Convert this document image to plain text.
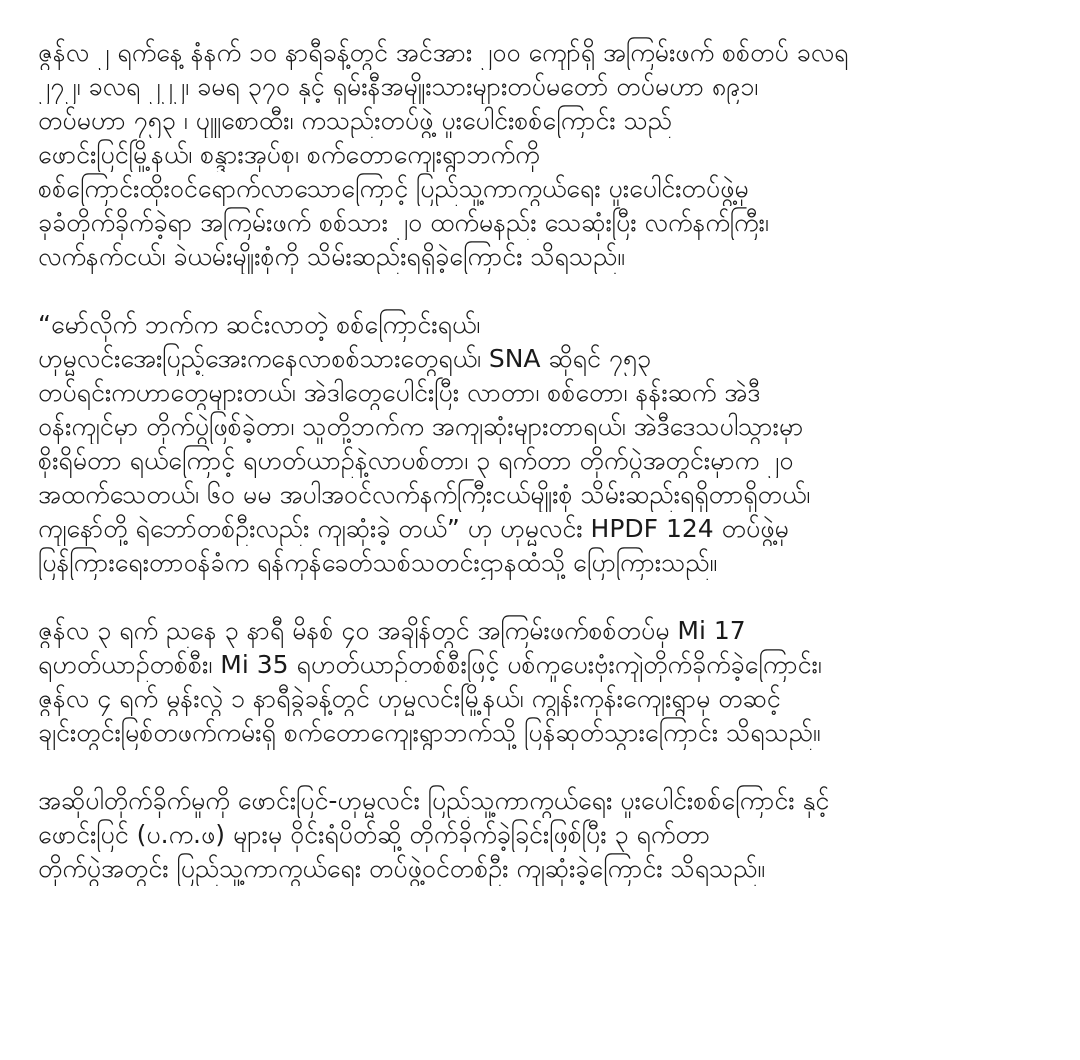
ဇွန်လ ၂ ရက်နေ့ နံနက် ၁၀ နာရီခန့်တွင် အင်အား ၂၀၀ ကျော်ရှိ အကြမ်းဖက် စစ်တပ် ခလရ
၂၇၂၊ ခလရ ၂၂၂၊ ခမရ ၃၇၀ နှင့် ရှမ်းနီအမျိုးသားများတပ်မတော် တပ်မဟာ ၈၉၁၊
တပ်မဟာ ၇၅၃ ၊ ပျူစောထီး၊ ကသည်းတပ်ဖွဲ့ ပူးပေါင်းစစ်ကြောင်း သည်
ဖောင်းပြင်မြို့နယ်၊ စန္ဒားအုပ်စု၊ စက်တောကျေးရွာဘက်ကို
စစ်ကြောင်းထိုးဝင်ရောက်လာသောကြောင့် ပြည်သူ့ကာကွယ်ရေး ပူးပေါင်းတပ်ဖွဲ့မှ
ခုခံတိုက်ခိုက်ခဲ့ရာ အကြမ်းဖက် စစ်သား ၂၀ ထက်မနည်း သေဆုံးပြီး လက်နက်ကြီး၊
လက်နက်ငယ်၊ ခဲယမ်းမျိုးစုံကို သိမ်းဆည်းရရှိခဲ့ကြောင်း သိရသည်။
“မော်လိုက် ဘက်က ဆင်းလာတဲ့ စစ်ကြောင်းရယ်၊
ဟုမ္မလင်းအေးပြည့်အေးကနေလာစစ်သားတွေရယ်၊ SNA ဆိုရင် ၇၅၃
တပ်ရင်းကဟာတွေများတယ်၊ အဲဒါတွေပေါင်းပြီး လာတာ၊ စစ်တော၊ နန်းဆက် အဲဒီ
ဝန်းကျင်မှာ တိုက်ပွဲဖြစ်ခဲ့တာ၊ သူတို့ဘက်က အကျဆုံးများတာရယ်၊ အဲဒီဒေသပါသွားမှာ
စိုးရိမ်တာ ရယ်ကြောင့် ရဟတ်ယာဉ်နဲ့လာပစ်တာ၊ ၃ ရက်တာ တိုက်ပွဲအတွင်းမှာက ၂၀
အထက်သေတယ်၊ ၆၀ မမ အပါအဝင်လက်နက်ကြီးငယ်မျိုးစုံ သိမ်းဆည်းရရှိတာရှိတယ်၊
ကျနော်တို့ ရဲဘော်တစ်ဦးလည်း ကျဆုံးခဲ့ တယ်” ဟု ဟုမ္မလင်း HPDF 124 တပ်ဖွဲ့မှ
ပြန်ကြားရေးတာဝန်ခံက ရန်ကုန်ခေတ်သစ်သတင်းဌာနထံသို့ ပြောကြားသည်။
ဇွန်လ ၃ ရက် ညနေ ၃ နာရီ မိနစ် ၄၀ အချိန်တွင် အကြမ်းဖက်စစ်တပ်မှ Mi 17
ရဟတ်ယာဉ်တစ်စီး၊ Mi 35 ရဟတ်ယာဉ်တစ်စီးဖြင့် ပစ်ကူပေးဗုံးကျဲတိုက်ခိုက်ခဲ့ကြောင်း၊
ဇွန်လ ၄ ရက် မွန်းလွဲ ၁ နာရီခွဲခန့်တွင် ဟုမ္မလင်းမြို့နယ်၊ ကျွန်းကုန်းကျေးရွာမှ တဆင့်
ချင်းတွင်းမြစ်တဖက်ကမ်းရှိ စက်တောကျေးရွာဘက်သို့ ပြန်ဆုတ်သွားကြောင်း သိရသည်။
အဆိုပါတိုက်ခိုက်မှုကို ဖောင်းပြင်-ဟုမ္မလင်း ပြည်သူ့ကာကွယ်ရေး ပူးပေါင်းစစ်ကြောင်း နှင့်
ဖောင်းပြင် (ပ.က.ဖ) များမှ ဝိုင်းရံပိတ်ဆို့ တိုက်ခိုက်ခဲ့ခြင်းဖြစ်ပြီး ၃ ရက်တာ
တိုက်ပွဲအတွင်း ပြည်သူ့ကာကွယ်ရေး တပ်ဖွဲ့ဝင်တစ်ဦး ကျဆုံးခဲ့ကြောင်း သိရသည်။
